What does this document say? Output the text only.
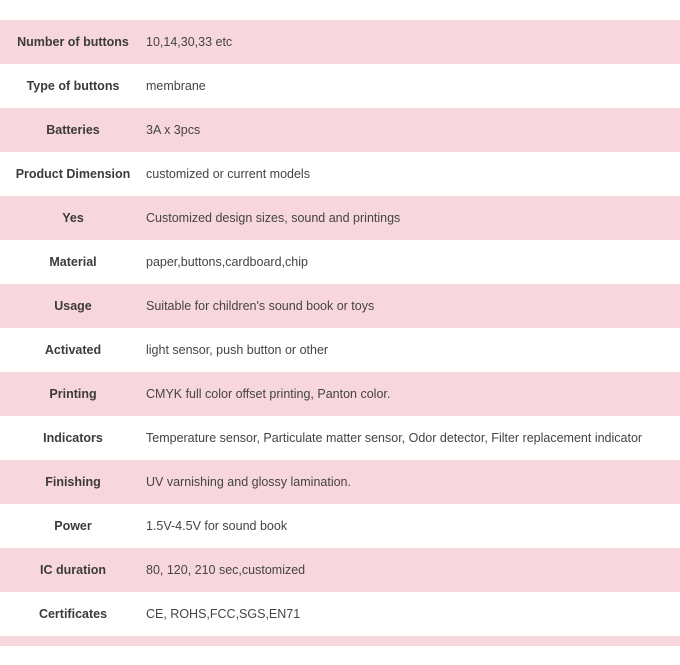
Number of buttons	10,14,30,33 etc
Type of buttons	membrane
Batteries	3A x 3pcs
Product Dimension	customized or current models
Yes	Customized design sizes, sound and printings
Material	paper,buttons,cardboard,chip
Usage	Suitable for children's sound book or toys
Activated	light sensor, push button or other
Printing	CMYK full color offset printing, Panton color.
Indicators	Temperature sensor, Particulate matter sensor, Odor detector, Filter replacement indicator
Finishing	UV varnishing and glossy lamination.
Power	1.5V-4.5V for sound book
IC duration	80, 120, 210 sec,customized
Certificates	CE, ROHS,FCC,SGS,EN71
